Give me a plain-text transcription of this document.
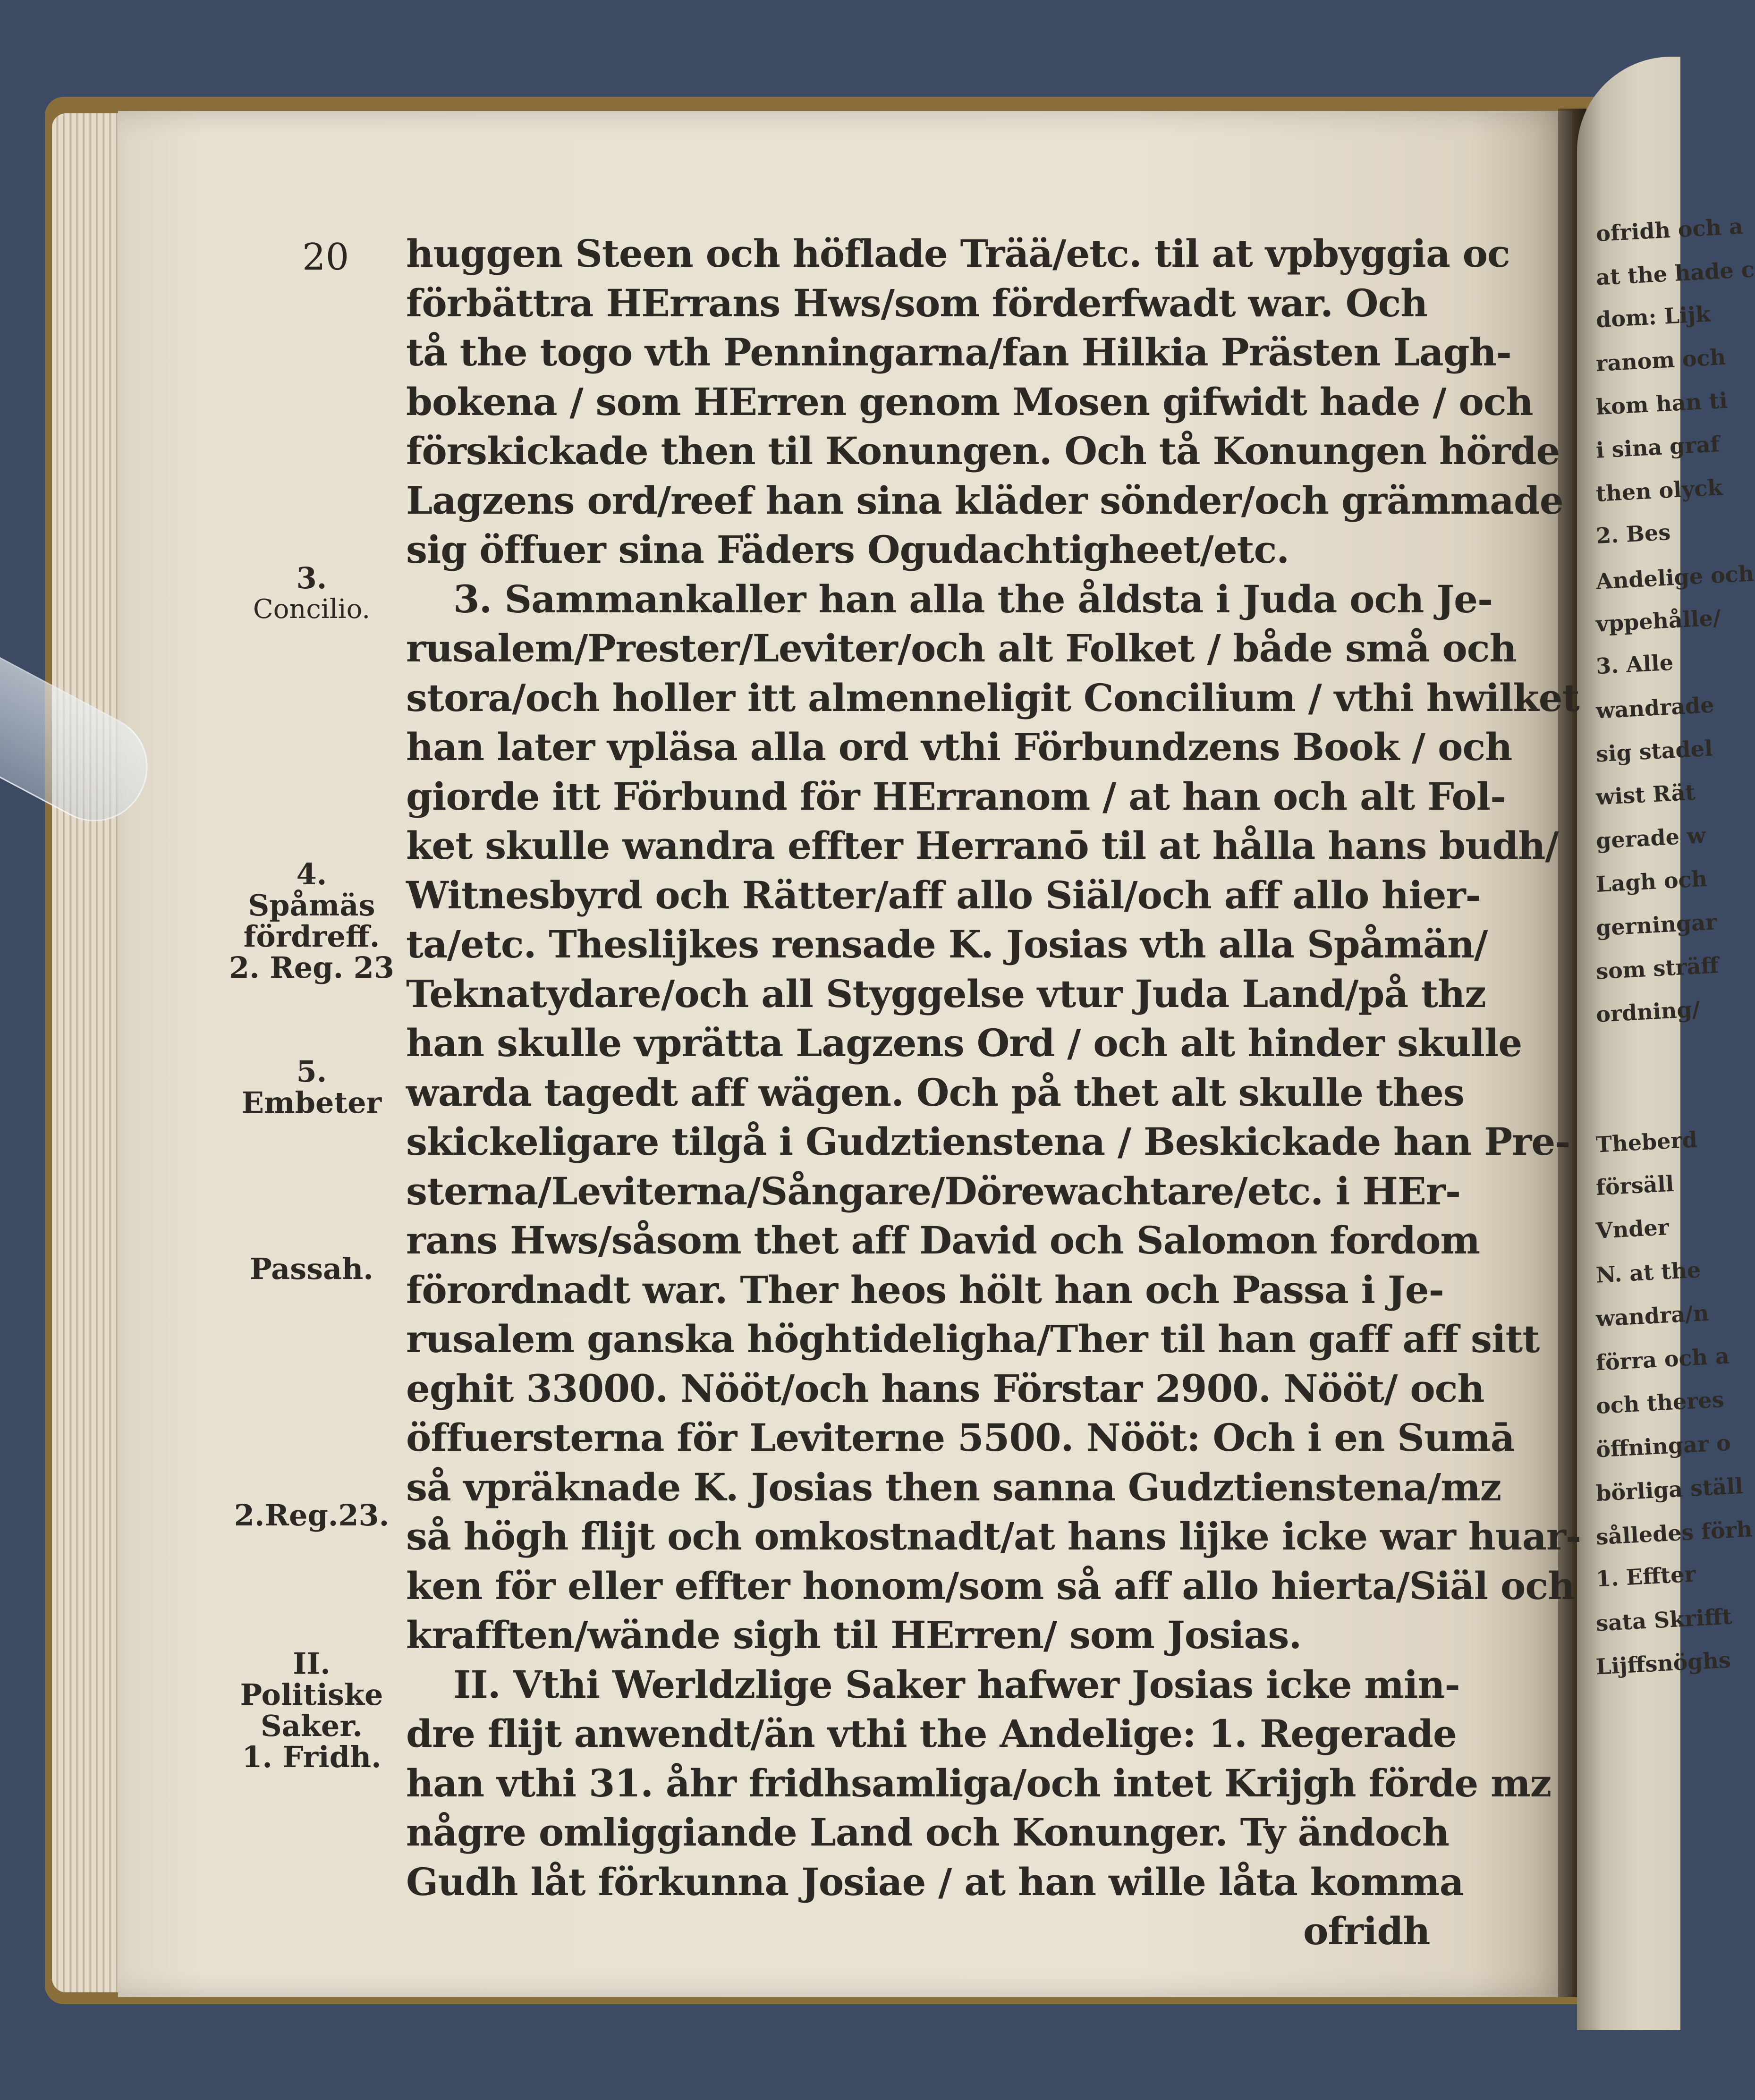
20 huggen Steen och höflade Trää/etc. til at vpbyggia oc
förbättra HErrans Hws/som förderfwadt war. Och
tå the togo vth Penningarna/fan Hilkia Prästen Lagh-
bokena / som HErren genom Mosen gifwidt hade / och
förskickade then til Konungen. Och tå Konungen hörde
Lagzens ord/reef han sina kläder sönder/och grämmade
sig öffuer sina Fäders Ogudachtigheet/etc.
3. Sammankaller han alla the åldsta i Juda och Je-
rusalem/Prester/Leviter/och alt Folket / både små och
stora/och holler itt almenneligit Concilium / vthi hwilket
han later vpläsa alla ord vthi Förbundzens Book / och
giorde itt Förbund för HErranom / at han och alt Fol-
ket skulle wandra effter Herranō til at hålla hans budh/
Witnesbyrd och Rätter/aff allo Siäl/och aff allo hier-
ta/etc. Theslijkes rensade K. Josias vth alla Spåmän/
Teknatydare/och all Styggelse vtur Juda Land/på thz
han skulle vprätta Lagzens Ord / och alt hinder skulle
warda tagedt aff wägen. Och på thet alt skulle thes
skickeligare tilgå i Gudztienstena / Beskickade han Pre-
sterna/Leviterna/Sångare/Dörewachtare/etc. i HEr-
rans Hws/såsom thet aff David och Salomon fordom
förordnadt war. Ther heos hölt han och Passa i Je-
rusalem ganska höghtideligha/Ther til han gaff aff sitt
eghit 33000. Nööt/och hans Förstar 2900. Nööt/ och
öffuersterna för Leviterne 5500. Nööt: Och i en Sumā
så vpräknade K. Josias then sanna Gudztienstena/mz
så högh flijt och omkostnadt/at hans lijke icke war huar-
ken för eller effter honom/som så aff allo hierta/Siäl och
krafften/wände sigh til HErren/ som Josias.
II. Vthi Werldzlige Saker hafwer Josias icke min-
dre flijt anwendt/än vthi the Andelige: 1. Regerade
han vthi 31. åhr fridhsamliga/och intet Krijgh förde mz
någre omliggiande Land och Konunger. Ty ändoch
Gudh låt förkunna Josiae / at han wille låta komma
ofridh
3.
Concilio.
4.
Spåmäs
fördreff.
2. Reg. 23
5.
Embeter
Passah.
2.Reg.23.
II.
Politiske
Saker.
1. Fridh.
ofridh och a
at the hade c
dom: Lijk
ranom och
kom han ti
i sina graf
then olyck
2. Bes
Andelige och
vppehålle/
3. Alle
wandrade
sig stadel
wist Rät
gerade w
Lagh och
gerningar
som sträff
ordning/
Theberd
försäll
Vnder
N. at the
wandra/n
förra och a
och theres
öffningar o
börliga ställ
sålledes förh
1. Effter
sata Skrifft
Lijffsnöghs
